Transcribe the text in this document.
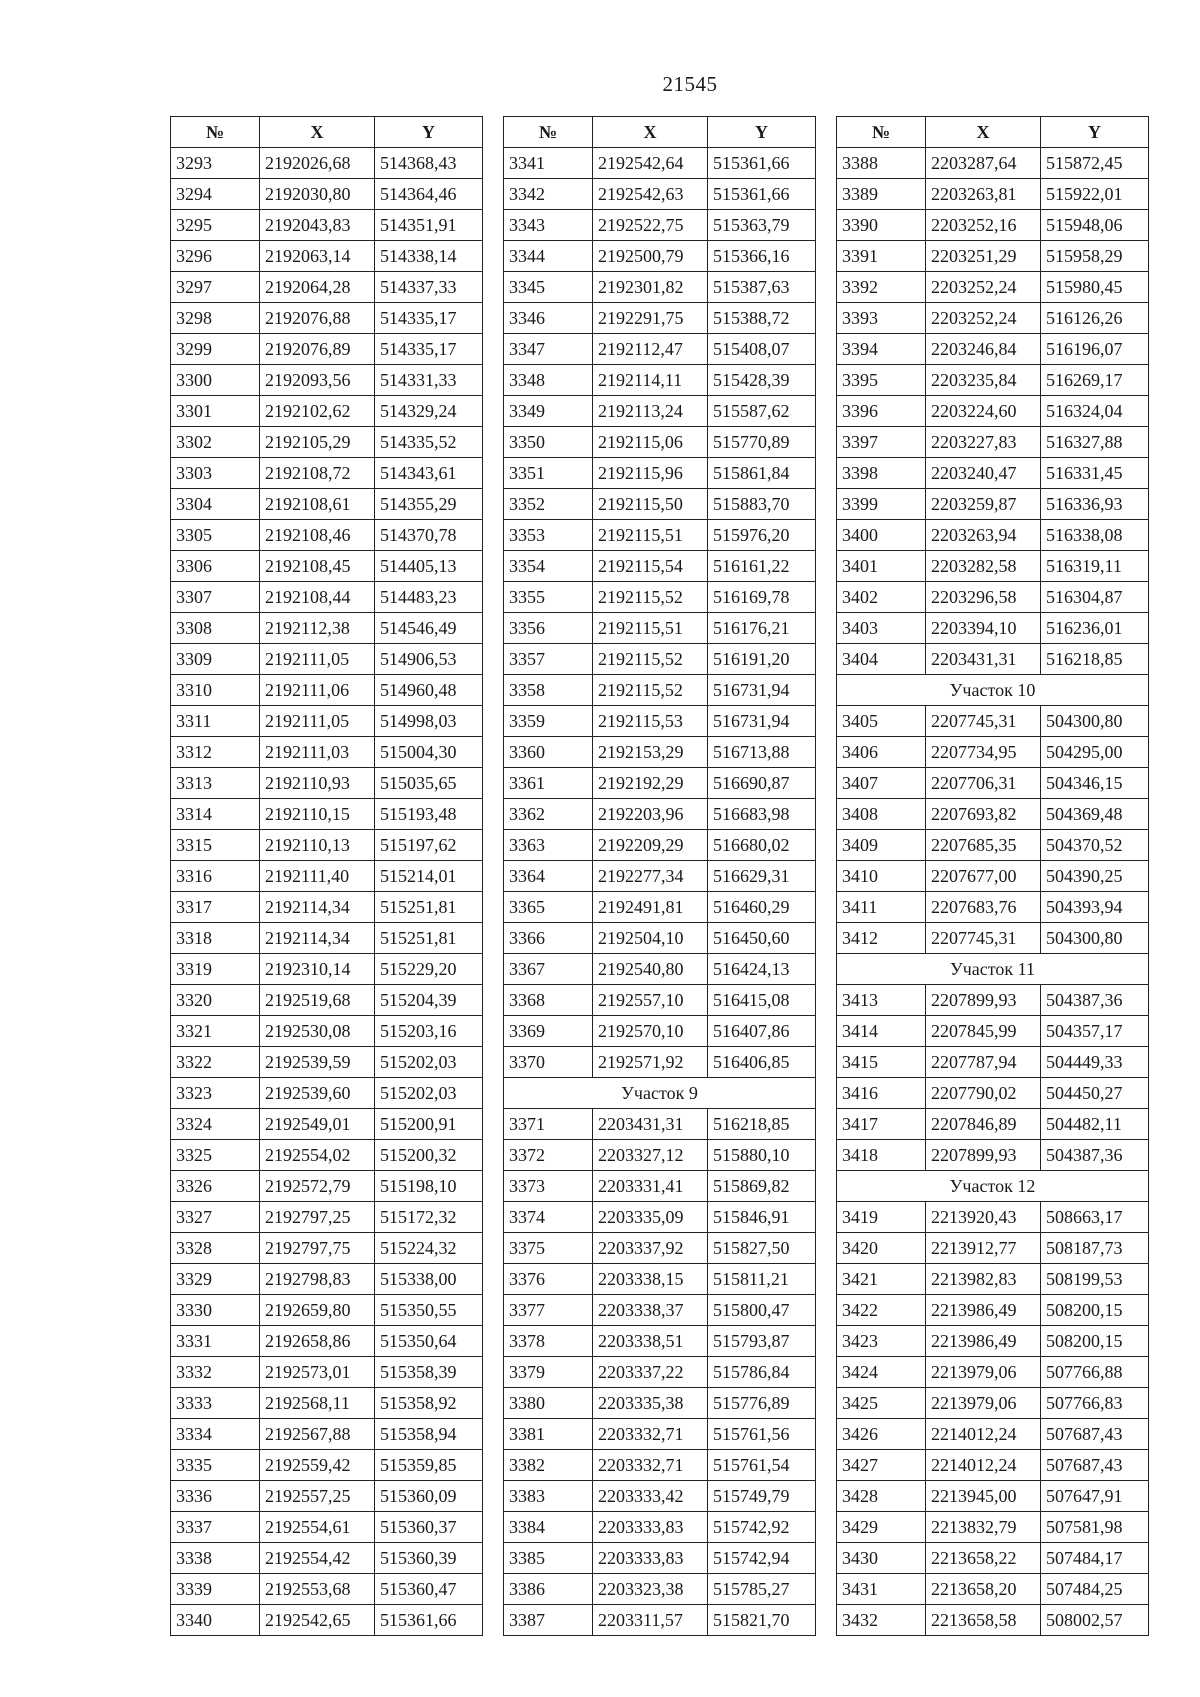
21545
№	X	Y
3293	2192026,68	514368,43
3294	2192030,80	514364,46
3295	2192043,83	514351,91
3296	2192063,14	514338,14
3297	2192064,28	514337,33
3298	2192076,88	514335,17
3299	2192076,89	514335,17
3300	2192093,56	514331,33
3301	2192102,62	514329,24
3302	2192105,29	514335,52
3303	2192108,72	514343,61
3304	2192108,61	514355,29
3305	2192108,46	514370,78
3306	2192108,45	514405,13
3307	2192108,44	514483,23
3308	2192112,38	514546,49
3309	2192111,05	514906,53
3310	2192111,06	514960,48
3311	2192111,05	514998,03
3312	2192111,03	515004,30
3313	2192110,93	515035,65
3314	2192110,15	515193,48
3315	2192110,13	515197,62
3316	2192111,40	515214,01
3317	2192114,34	515251,81
3318	2192114,34	515251,81
3319	2192310,14	515229,20
3320	2192519,68	515204,39
3321	2192530,08	515203,16
3322	2192539,59	515202,03
3323	2192539,60	515202,03
3324	2192549,01	515200,91
3325	2192554,02	515200,32
3326	2192572,79	515198,10
3327	2192797,25	515172,32
3328	2192797,75	515224,32
3329	2192798,83	515338,00
3330	2192659,80	515350,55
3331	2192658,86	515350,64
3332	2192573,01	515358,39
3333	2192568,11	515358,92
3334	2192567,88	515358,94
3335	2192559,42	515359,85
3336	2192557,25	515360,09
3337	2192554,61	515360,37
3338	2192554,42	515360,39
3339	2192553,68	515360,47
3340	2192542,65	515361,66
№	X	Y
3341	2192542,64	515361,66
3342	2192542,63	515361,66
3343	2192522,75	515363,79
3344	2192500,79	515366,16
3345	2192301,82	515387,63
3346	2192291,75	515388,72
3347	2192112,47	515408,07
3348	2192114,11	515428,39
3349	2192113,24	515587,62
3350	2192115,06	515770,89
3351	2192115,96	515861,84
3352	2192115,50	515883,70
3353	2192115,51	515976,20
3354	2192115,54	516161,22
3355	2192115,52	516169,78
3356	2192115,51	516176,21
3357	2192115,52	516191,20
3358	2192115,52	516731,94
3359	2192115,53	516731,94
3360	2192153,29	516713,88
3361	2192192,29	516690,87
3362	2192203,96	516683,98
3363	2192209,29	516680,02
3364	2192277,34	516629,31
3365	2192491,81	516460,29
3366	2192504,10	516450,60
3367	2192540,80	516424,13
3368	2192557,10	516415,08
3369	2192570,10	516407,86
3370	2192571,92	516406,85
Участок 9		
3371	2203431,31	516218,85
3372	2203327,12	515880,10
3373	2203331,41	515869,82
3374	2203335,09	515846,91
3375	2203337,92	515827,50
3376	2203338,15	515811,21
3377	2203338,37	515800,47
3378	2203338,51	515793,87
3379	2203337,22	515786,84
3380	2203335,38	515776,89
3381	2203332,71	515761,56
3382	2203332,71	515761,54
3383	2203333,42	515749,79
3384	2203333,83	515742,92
3385	2203333,83	515742,94
3386	2203323,38	515785,27
3387	2203311,57	515821,70
№	X	Y
3388	2203287,64	515872,45
3389	2203263,81	515922,01
3390	2203252,16	515948,06
3391	2203251,29	515958,29
3392	2203252,24	515980,45
3393	2203252,24	516126,26
3394	2203246,84	516196,07
3395	2203235,84	516269,17
3396	2203224,60	516324,04
3397	2203227,83	516327,88
3398	2203240,47	516331,45
3399	2203259,87	516336,93
3400	2203263,94	516338,08
3401	2203282,58	516319,11
3402	2203296,58	516304,87
3403	2203394,10	516236,01
3404	2203431,31	516218,85
Участок 10		
3405	2207745,31	504300,80
3406	2207734,95	504295,00
3407	2207706,31	504346,15
3408	2207693,82	504369,48
3409	2207685,35	504370,52
3410	2207677,00	504390,25
3411	2207683,76	504393,94
3412	2207745,31	504300,80
Участок 11		
3413	2207899,93	504387,36
3414	2207845,99	504357,17
3415	2207787,94	504449,33
3416	2207790,02	504450,27
3417	2207846,89	504482,11
3418	2207899,93	504387,36
Участок 12		
3419	2213920,43	508663,17
3420	2213912,77	508187,73
3421	2213982,83	508199,53
3422	2213986,49	508200,15
3423	2213986,49	508200,15
3424	2213979,06	507766,88
3425	2213979,06	507766,83
3426	2214012,24	507687,43
3427	2214012,24	507687,43
3428	2213945,00	507647,91
3429	2213832,79	507581,98
3430	2213658,22	507484,17
3431	2213658,20	507484,25
3432	2213658,58	508002,57
